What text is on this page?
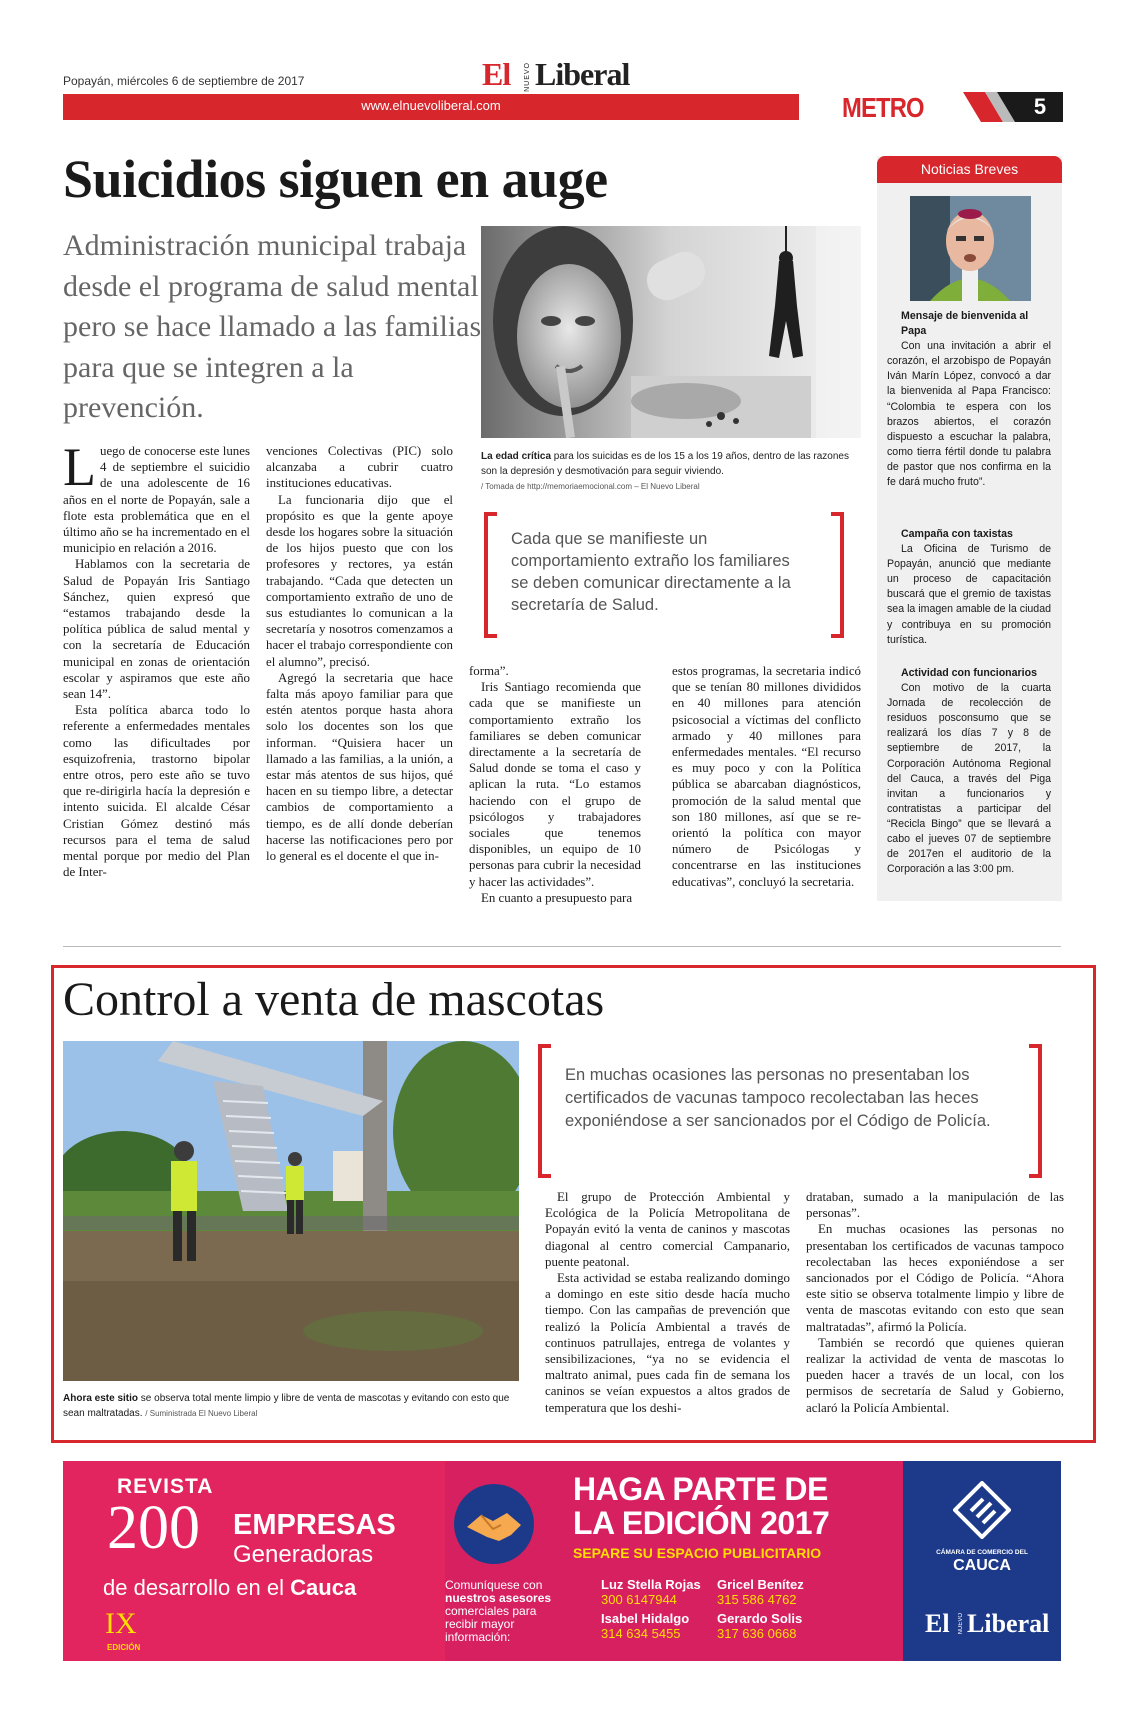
Popayán, miércoles 6 de septiembre de 2017	El NUEVO Liberal
www.elnuevoliberal.com	METRO	5
Suicidios siguen en auge
Administración municipal trabaja desde el programa de salud mental pero se hace llamado a las familias para que se integren a la prevención.
La edad crítica para los suicidas es de los 15 a los 19 años, dentro de las razones son la depresión y desmotivación para seguir viviendo.
/ Tomada de http://memoriaemocional.com – El Nuevo Liberal
Cada que se manifieste un comportamiento extraño los familiares se deben comunicar directamente a la secretaría de Salud.

Luego de conocerse este lunes 4 de septiembre el suicidio de una adolescente de 16 años en el norte de Popayán, sale a flote esta problemática que en el último año se ha incrementado en el municipio en relación a 2016.

Hablamos con la secretaria de Salud de Popayán Iris Santiago Sánchez, quien expresó que “estamos trabajando desde la política pública de salud mental y con la secretaría de Educación municipal en zonas de orientación escolar y aspiramos que este año sean 14”.

Esta política abarca todo lo referente a enfermedades mentales como las dificultades por esquizofrenia, trastorno bipolar entre otros, pero este año se tuvo que re-dirigirla hacía la depresión e intento suicida. El alcalde César Cristian Gómez destinó más recursos para el tema de salud mental porque por medio del Plan de Inter-

venciones Colectivas (PIC) solo alcanzaba a cubrir cuatro instituciones educativas.

La funcionaria dijo que el propósito es que la gente apoye desde los hogares sobre la situación de los hijos puesto que con los profesores y rectores, ya están trabajando. “Cada que detecten un comportamiento extraño de uno de sus estudiantes lo comunican a la secretaría y nosotros comenzamos a hacer el trabajo correspondiente con el alumno”, precisó.

Agregó la secretaria que hace falta más apoyo familiar para que estén atentos porque hasta ahora solo los docentes son los que informan. “Quisiera hacer un llamado a las familias, a la unión, a estar más atentos de sus hijos, qué hacen en su tiempo libre, a detectar cambios de comportamiento a tiempo, es de allí donde deberían hacerse las notificaciones pero por lo general es el docente el que in-

forma”.

Iris Santiago recomienda que cada que se manifieste un comportamiento extraño los familiares se deben comunicar directamente a la secretaría de Salud donde se toma el caso y aplican la ruta. “Lo estamos haciendo con el grupo de psicólogos y trabajadores sociales que tenemos disponibles, un equipo de 10 personas para cubrir la necesidad y hacer las actividades”.

En cuanto a presupuesto para

estos programas, la secretaria indicó que se tenían 80 millones divididos en 40 millones para atención psicosocial a víctimas del conflicto armado y 40 millones para enfermedades mentales. “El recurso es muy poco y con la Política pública se abarcaban diagnósticos, promoción de la salud mental que son 180 millones, así que se re-orientó la política con mayor número de Psicólogas y concentrarse en las instituciones educativas”, concluyó la secretaria.

Noticias Breves
Mensaje de bienvenida al Papa

Con una invitación a abrir el corazón, el arzobispo de Popayán Iván Marín López, convocó a dar la bienvenida al Papa Francisco: “Colombia te espera con los brazos abiertos, el corazón dispuesto a escuchar la palabra, como tierra fértil donde tu palabra de pastor que nos confirma en la fe dará mucho fruto”.

Campaña con taxistas

La Oficina de Turismo de Popayán, anunció que mediante un proceso de capacitación buscará que el gremio de taxistas sea la imagen amable de la ciudad y contribuya en su promoción turística.

Actividad con funcionarios

Con motivo de la cuarta Jornada de recolección de residuos posconsumo que se realizará los días 7 y 8 de septiembre de 2017, la Corporación Autónoma Regional del Cauca, a través del Piga invitan a funcionarios y contratistas a participar del “Recicla Bingo” que se llevará a cabo el jueves 07 de septiembre de 2017en el auditorio de la Corporación a las 3:00 pm.

Control a venta de mascotas
Ahora este sitio se observa total mente limpio y libre de venta de mascotas y evitando con esto que sean maltratadas. / Suministrada El Nuevo Liberal
En muchas ocasiones las personas no presentaban los certificados de vacunas tampoco recolectaban las heces exponiéndose a ser sancionados por el Código de Policía.

El grupo de Protección Ambiental y Ecológica de la Policía Metropolitana de Popayán evitó la venta de caninos y mascotas diagonal al centro comercial Campanario, puente peatonal.

Esta actividad se estaba realizando domingo a domingo en este sitio desde hacía mucho tiempo. Con las campañas de prevención que realizó la Policía Ambiental a través de continuos patrullajes, entrega de volantes y sensibilizaciones, “ya no se evidencia el maltrato animal, pues cada fin de semana los caninos se veían expuestos a altos grados de temperatura que los deshi-

drataban, sumado a la manipulación de las personas”.

En muchas ocasiones las personas no presentaban los certificados de vacunas tampoco recolectaban las heces exponiéndose a ser sancionados por el Código de Policía. “Ahora este sitio se observa totalmente limpio y libre de venta de mascotas evitando con esto que sean maltratadas”, afirmó la Policía.

También se recordó que quienes quieran realizar la actividad de venta de mascotas lo pueden hacer a través de un local, con los permisos de secretaría de Salud y Gobierno, aclaró la Policía Ambiental.

REVISTA
200 EMPRESAS
Generadoras
de desarrollo en el Cauca
IX
EDICIÓN
HAGA PARTE DE
LA EDICIÓN 2017
SEPARE SU ESPACIO PUBLICITARIO
Comuníquese con
nuestros asesores
comerciales para
recibir mayor
información:
Luz Stella Rojas
300 6147944
Gricel Benítez
315 586 4762
Isabel Hidalgo
314 634 5455
Gerardo Solis
317 636 0668
CÁMARA DE COMERCIO DEL
CAUCA
El NUEVO Liberal
